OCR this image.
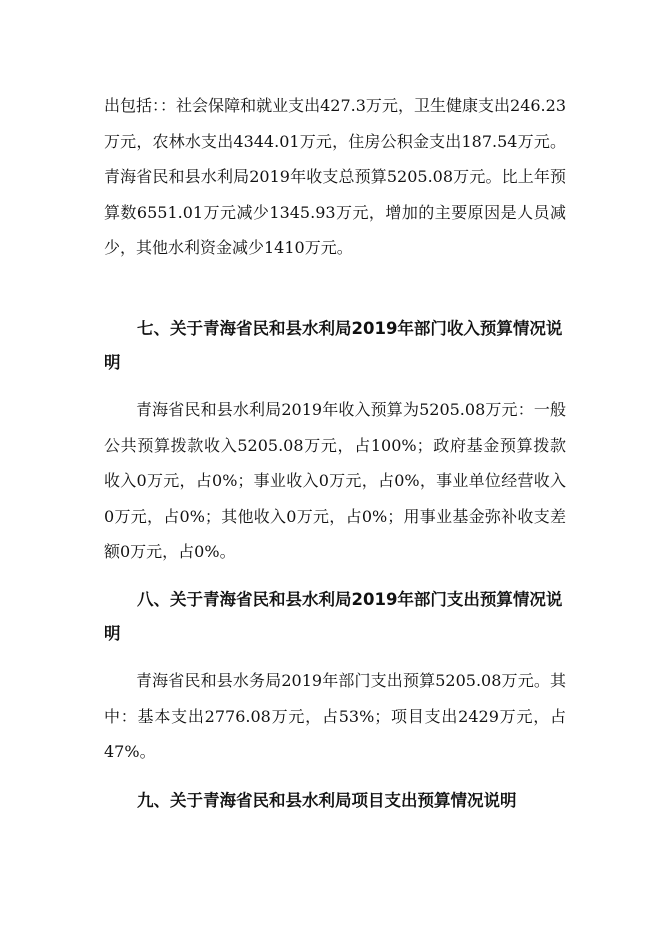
出包括：：社会保障和就业支出427.3万元，卫生健康支出246.23万元，农林水支出4344.01万元，住房公积金支出187.54万元。青海省民和县水利局2019年收支总预算5205.08万元。比上年预算数6551.01万元减少1345.93万元，增加的主要原因是人员减少，其他水利资金减少1410万元。

七、关于青海省民和县水利局2019年部门收入预算情况说明

青海省民和县水利局2019年收入预算为5205.08万元：一般公共预算拨款收入5205.08万元，占100%；政府基金预算拨款收入0万元，占0%；事业收入0万元，占0%，事业单位经营收入0万元，占0%；其他收入0万元，占0%；用事业基金弥补收支差额0万元，占0%。

八、关于青海省民和县水利局2019年部门支出预算情况说明

青海省民和县水务局2019年部门支出预算5205.08万元。其中：基本支出2776.08万元，占53%；项目支出2429万元，占47%。

九、关于青海省民和县水利局项目支出预算情况说明
